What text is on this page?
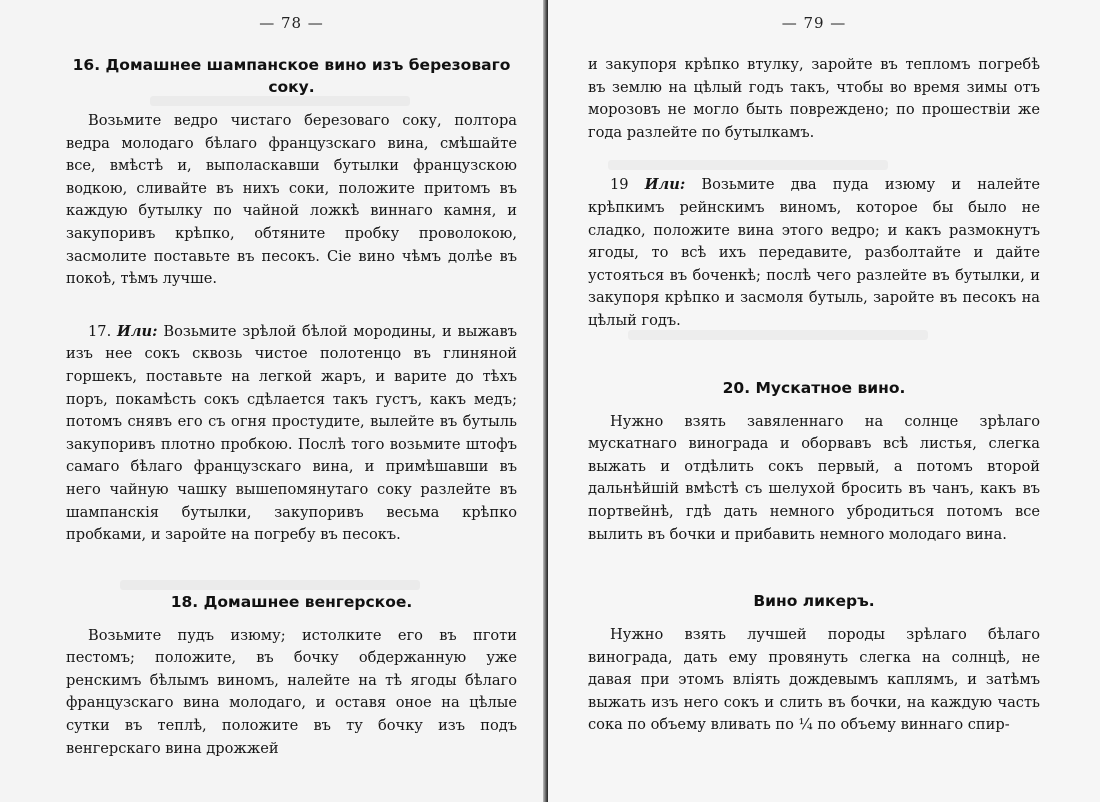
— 78 —
16. Домашнее шампанское вино изъ березоваго соку.

Возьмите ведро чистаго березоваго соку, полтора ведра молодаго бѣлаго французскаго вина, смѣшайте все, вмѣстѣ и, выполаскавши бутылки французскою водкою, сливайте въ нихъ соки, положите притомъ въ каждую бутылку по чайной ложкѣ виннаго камня, и закупоривъ крѣпко, обтяните пробку проволокою, засмолите поставьте въ песокъ. Сіе вино чѣмъ долѣе въ покоѣ, тѣмъ лучше.

17. Или: Возьмите зрѣлой бѣлой мородины, и выжавъ изъ нее сокъ сквозь чистое полотенцо въ глиняной горшекъ, поставьте на легкой жаръ, и варите до тѣхъ поръ, покамѣсть сокъ сдѣлается такъ густъ, какъ медъ; потомъ снявъ его съ огня простудите, вылейте въ бутыль закупоривъ плотно пробкою. Послѣ того возьмите штофъ самаго бѣлаго французскаго вина, и примѣшавши въ него чайную чашку вышепомянутаго соку разлейте въ шампанскія бутылки, закупоривъ весьма крѣпко пробками, и заройте на погребу въ песокъ.

18. Домашнее венгерское.

Возьмите пудъ изюму; истолките его въ пготи пестомъ; положите, въ бочку обдержанную уже ренскимъ бѣлымъ виномъ, налейте на тѣ ягоды бѣлаго французскаго вина молодаго, и оставя оное на цѣлые сутки въ теплѣ, положите въ ту бочку изъ подъ венгерскаго вина дрожжей

— 79 —

и закупоря крѣпко втулку, заройте въ тепломъ погребѣ въ землю на цѣлый годъ такъ, чтобы во время зимы отъ морозовъ не могло быть повреждено; по прошествіи же года разлейте по бутылкамъ.

19 Или: Возьмите два пуда изюму и налейте крѣпкимъ рейнскимъ виномъ, которое бы было не сладко, положите вина этого ведро; и какъ размокнутъ ягоды, то всѣ ихъ передавите, разболтайте и дайте устояться въ боченкѣ; послѣ чего разлейте въ бутылки, и закупоря крѣпко и засмоля бутыль, заройте въ песокъ на цѣлый годъ.

20. Мускатное вино.

Нужно взять завяленнаго на солнце зрѣлаго мускатнаго винограда и оборвавъ всѣ листья, слегка выжать и отдѣлить сокъ первый, а потомъ второй дальнѣйшій вмѣстѣ съ шелухой бросить въ чанъ, какъ въ портвейнѣ, гдѣ дать немного убродиться потомъ все вылить въ бочки и прибавить немного молодаго вина.

Вино ликеръ.

Нужно взять лучшей породы зрѣлаго бѣлаго винограда, дать ему провянуть слегка на солнцѣ, не давая при этомъ вліять дождевымъ каплямъ, и затѣмъ выжать изъ него сокъ и слить въ бочки, на каждую часть сока по объему вливать по ¼ по объему виннаго спир-
